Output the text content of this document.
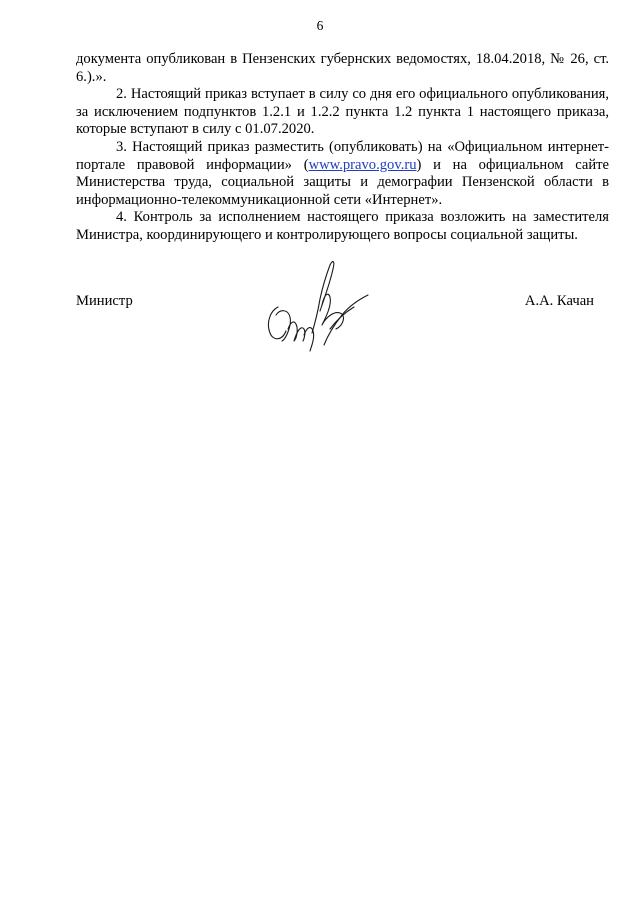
6

документа опубликован в Пензенских губернских ведомостях, 18.04.2018, № 26, ст. 6.).».

2. Настоящий приказ вступает в силу со дня его официального опубликования, за исключением подпунктов 1.2.1 и 1.2.2 пункта 1.2 пункта 1 настоящего приказа, которые вступают в силу с 01.07.2020.

3. Настоящий приказ разместить (опубликовать) на «Официальном интернет-портале правовой информации» (www.pravo.gov.ru) и на официальном сайте Министерства труда, социальной защиты и демографии Пензенской области в информационно-телекоммуникационной сети «Интернет».

4. Контроль за исполнением настоящего приказа возложить на заместителя Министра, координирующего и контролирующего вопросы социальной защиты.

Министр	А.А. Качан
